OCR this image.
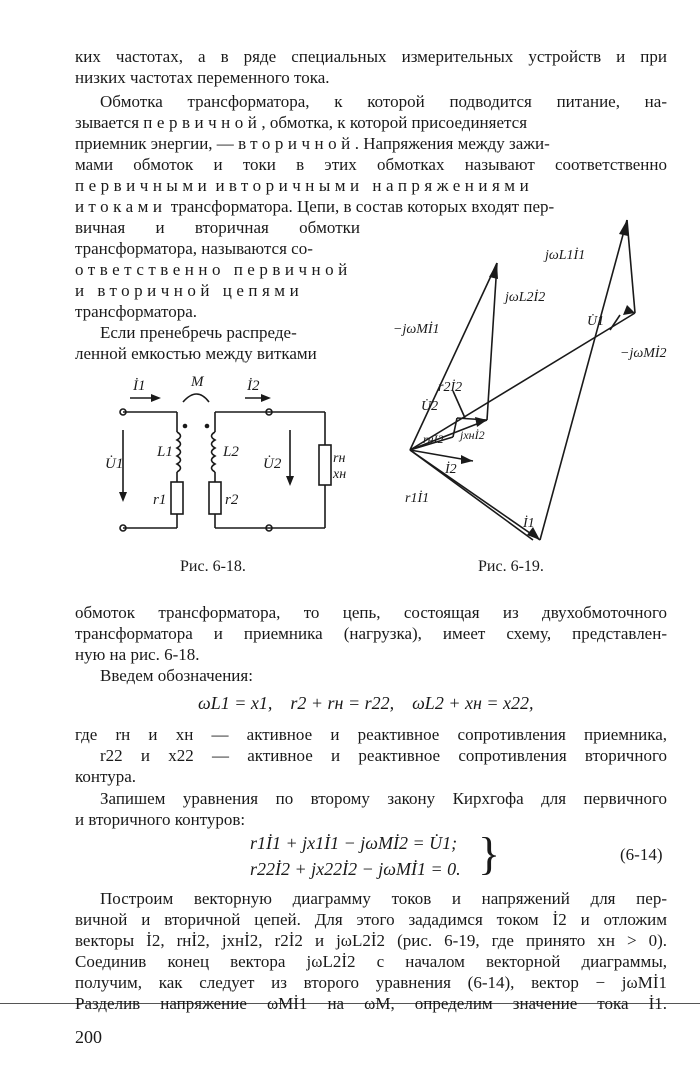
ких частотах, а в ряде специальных измерительных устройств и при
низких частотах переменного тока.
Обмотка трансформатора, к которой подводится питание, на-
зывается первичной, обмотка, к которой присоединяется
приемник энергии, — вторичной. Напряжения между зажи-
мами обмоток и токи в этих обмотках называют соответственно
первичными и вторичными напряжениями
и токами трансформатора. Цепи, в состав которых входят пер-
вичная и вторичная обмотки
трансформатора, называются со-
ответственно первичной
и вторичной цепями
трансформатора.
Если пренебречь распреде-
ленной емкостью между витками
İ1	M	İ2
U̇1
L1	L2
U̇2
r1	r2
rн
xн
Рис. 6-18.
jωL1İ1
jωL2İ2
−jωMİ1
U̇1
−jωMİ2
r2İ2
U̇2
rнİ2 jxнİ2
İ2
r1İ1
İ1
Рис. 6-19.
обмоток трансформатора, то цепь, состоящая из двухобмоточного
трансформатора и приемника (нагрузка), имеет схему, представлен-
ную на рис. 6-18.
Введем обозначения:
ωL1 = x1,    r2 + rн = r22,    ωL2 + xн = x22,
где rн и xн — активное и реактивное сопротивления приемника,
r22 и x22 — активное и реактивное сопротивления вторичного
контура.
Запишем уравнения по второму закону Кирхгофа для первичного
и вторичного контуров:
r1İ1 + jx1İ1 − jωMİ2 = U̇1;
r22İ2 + jx22İ2 − jωMİ1 = 0. }	(6-14)
Построим векторную диаграмму токов и напряжений для пер-
вичной и вторичной цепей. Для этого зададимся током İ2 и отложим
векторы İ2, rнİ2, jxнİ2, r2İ2 и jωL2İ2 (рис. 6-19, где принято xн > 0).
Соединив конец вектора jωL2İ2 с началом векторной диаграммы,
получим, как следует из второго уравнения (6-14), вектор − jωMİ1
Разделив напряжение ωMİ1 на ωM, определим значение тока İ1.
200
